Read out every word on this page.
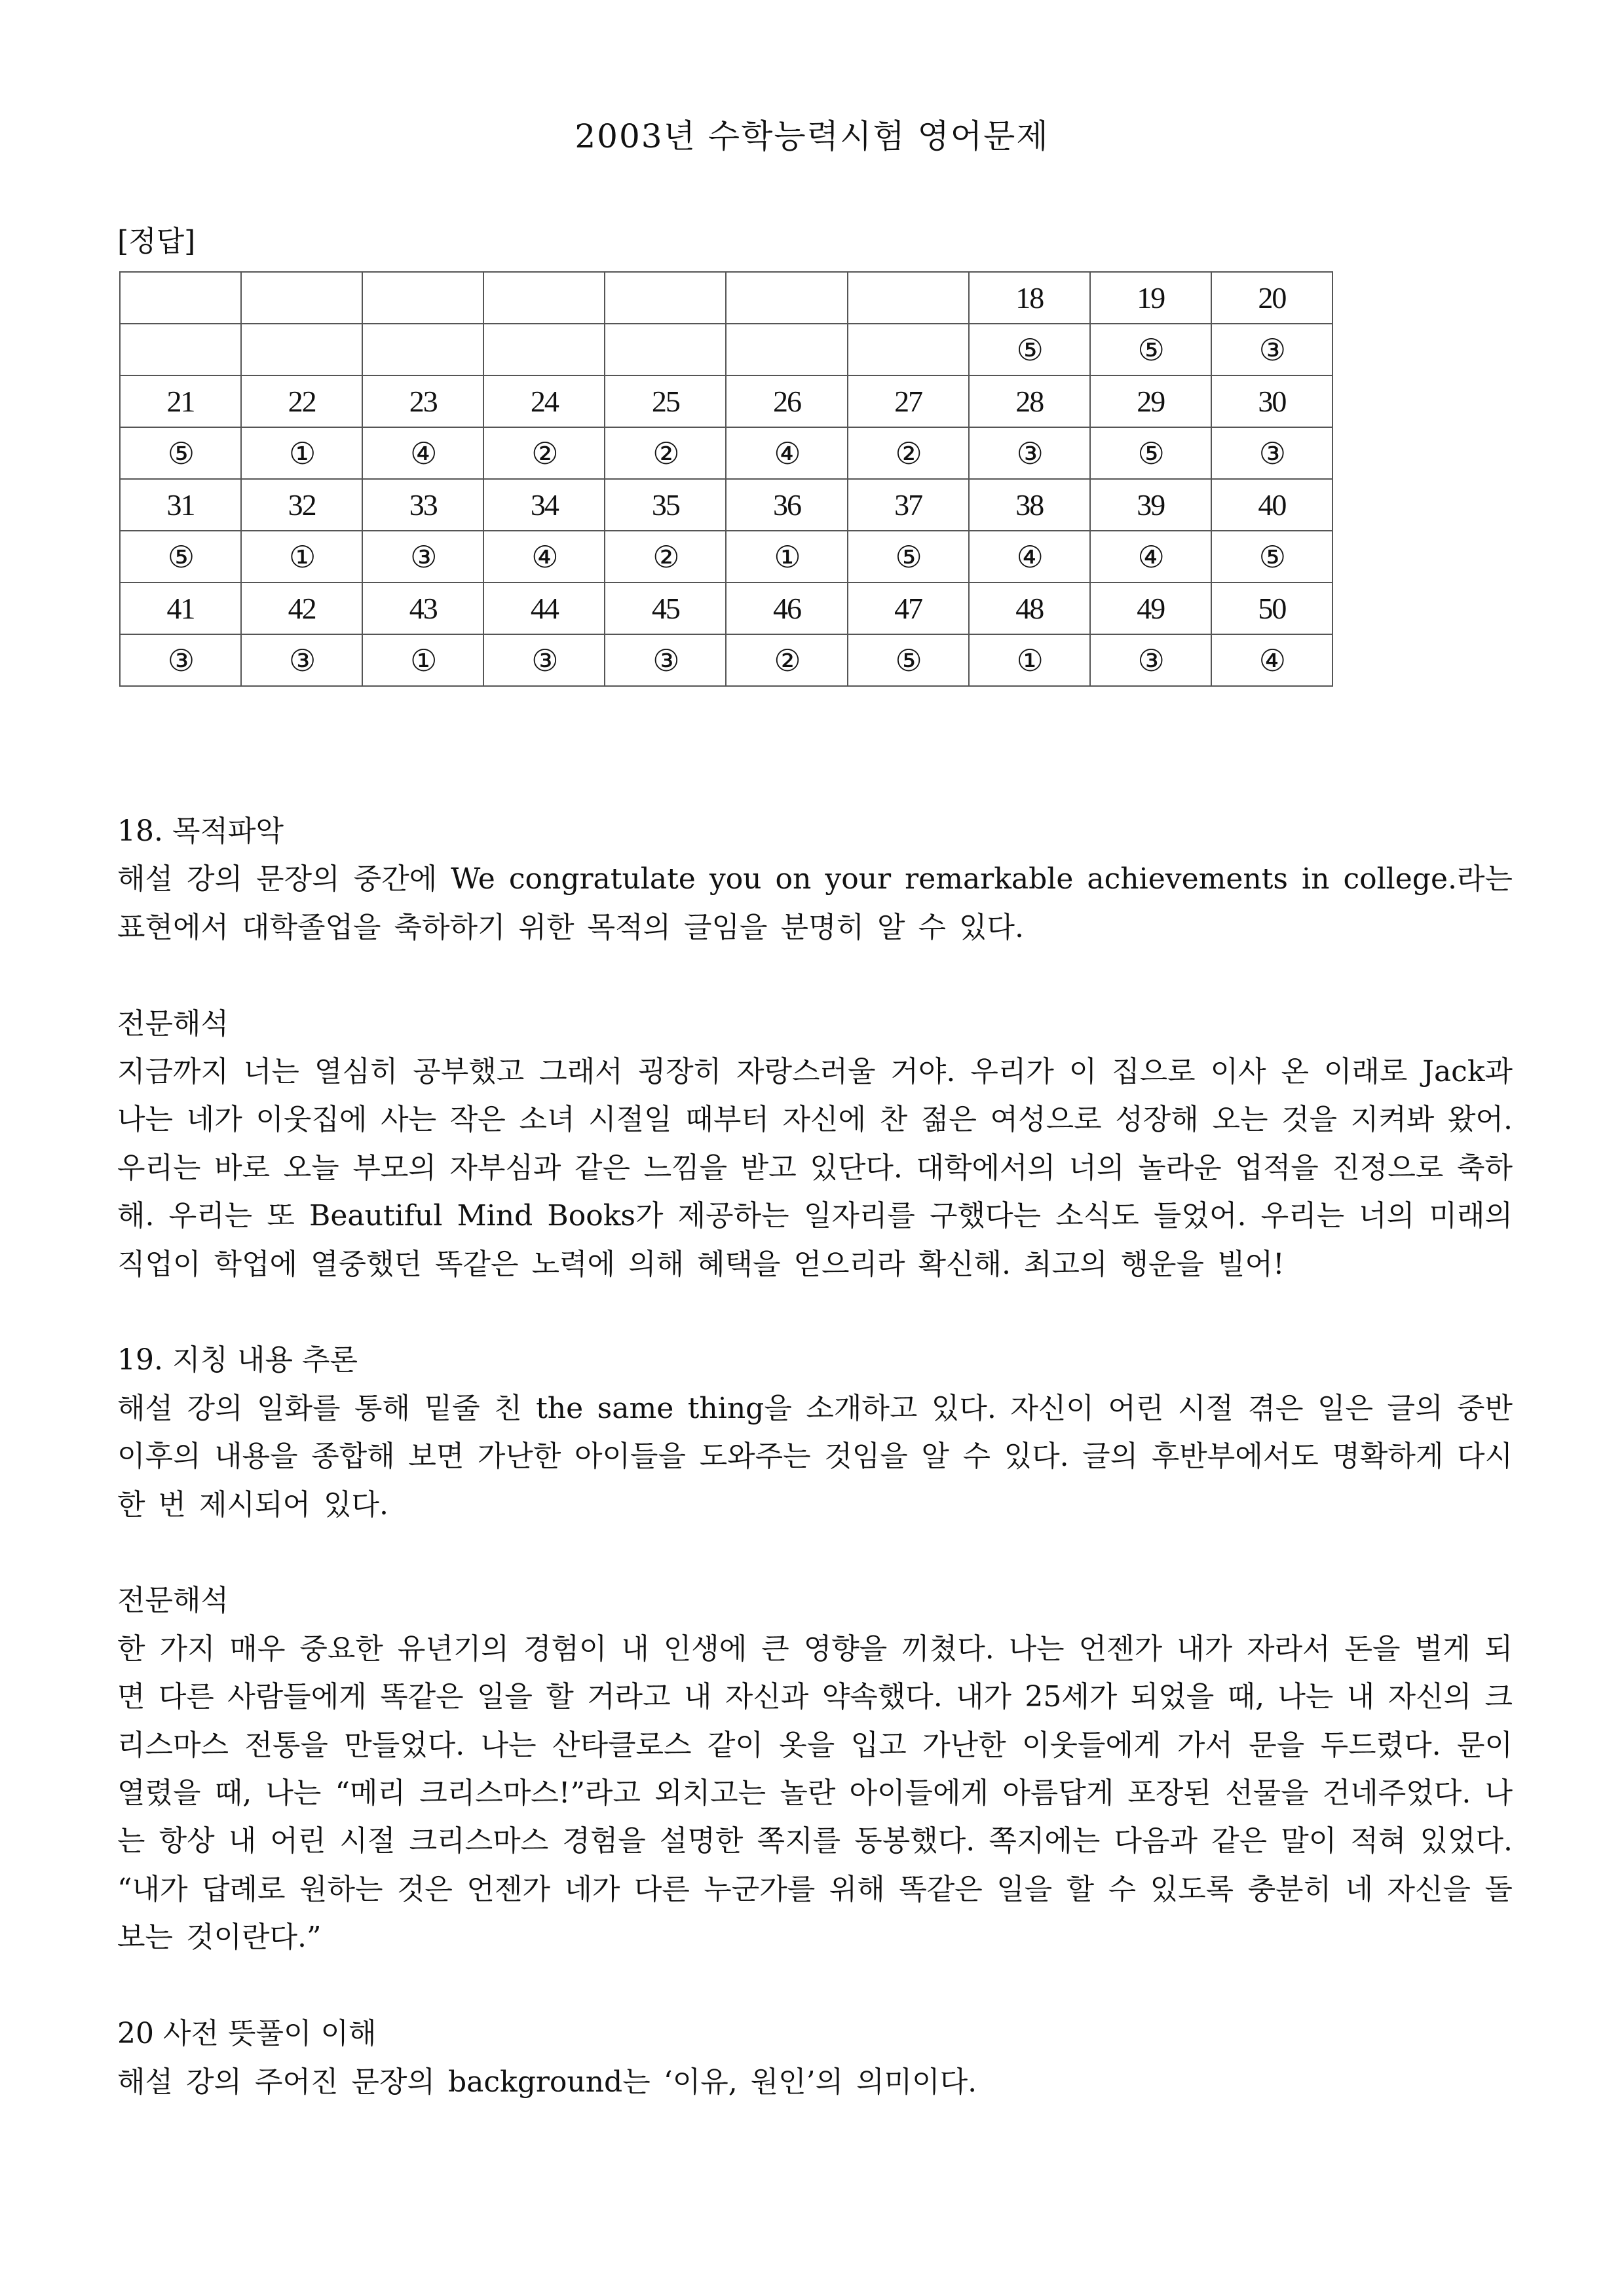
2003년 수학능력시험 영어문제

[정답]

							18	19	20
							⑤	⑤	③
21	22	23	24	25	26	27	28	29	30
⑤	①	④	②	②	④	②	③	⑤	③
31	32	33	34	35	36	37	38	39	40
⑤	①	③	④	②	①	⑤	④	④	⑤
41	42	43	44	45	46	47	48	49	50
③	③	①	③	③	②	⑤	①	③	④

18. 목적파악

해설 강의 문장의 중간에 We congratulate you on your remarkable achievements in college.라는 표현에서 대학졸업을 축하하기 위한 목적의 글임을 분명히 알 수 있다.

전문해석

지금까지 너는 열심히 공부했고 그래서 굉장히 자랑스러울 거야. 우리가 이 집으로 이사 온 이래로 Jack과 나는 네가 이웃집에 사는 작은 소녀 시절일 때부터 자신에 찬 젊은 여성으로 성장해 오는 것을 지켜봐 왔어. 우리는 바로 오늘 부모의 자부심과 같은 느낌을 받고 있단다. 대학에서의 너의 놀라운 업적을 진정으로 축하해. 우리는 또 Beautiful Mind Books가 제공하는 일자리를 구했다는 소식도 들었어. 우리는 너의 미래의 직업이 학업에 열중했던 똑같은 노력에 의해 혜택을 얻으리라 확신해. 최고의 행운을 빌어!

19. 지칭 내용 추론

해설 강의 일화를 통해 밑줄 친 the same thing을 소개하고 있다. 자신이 어린 시절 겪은 일은 글의 중반 이후의 내용을 종합해 보면 가난한 아이들을 도와주는 것임을 알 수 있다. 글의 후반부에서도 명확하게 다시 한 번 제시되어 있다.

전문해석

한 가지 매우 중요한 유년기의 경험이 내 인생에 큰 영향을 끼쳤다. 나는 언젠가 내가 자라서 돈을 벌게 되면 다른 사람들에게 똑같은 일을 할 거라고 내 자신과 약속했다. 내가 25세가 되었을 때, 나는 내 자신의 크리스마스 전통을 만들었다. 나는 산타클로스 같이 옷을 입고 가난한 이웃들에게 가서 문을 두드렸다. 문이 열렸을 때, 나는 “메리 크리스마스!”라고 외치고는 놀란 아이들에게 아름답게 포장된 선물을 건네주었다. 나는 항상 내 어린 시절 크리스마스 경험을 설명한 쪽지를 동봉했다. 쪽지에는 다음과 같은 말이 적혀 있었다. “내가 답례로 원하는 것은 언젠가 네가 다른 누군가를 위해 똑같은 일을 할 수 있도록 충분히 네 자신을 돌보는 것이란다.”

20 사전 뜻풀이 이해

해설 강의 주어진 문장의 background는 ‘이유, 원인’의 의미이다.
